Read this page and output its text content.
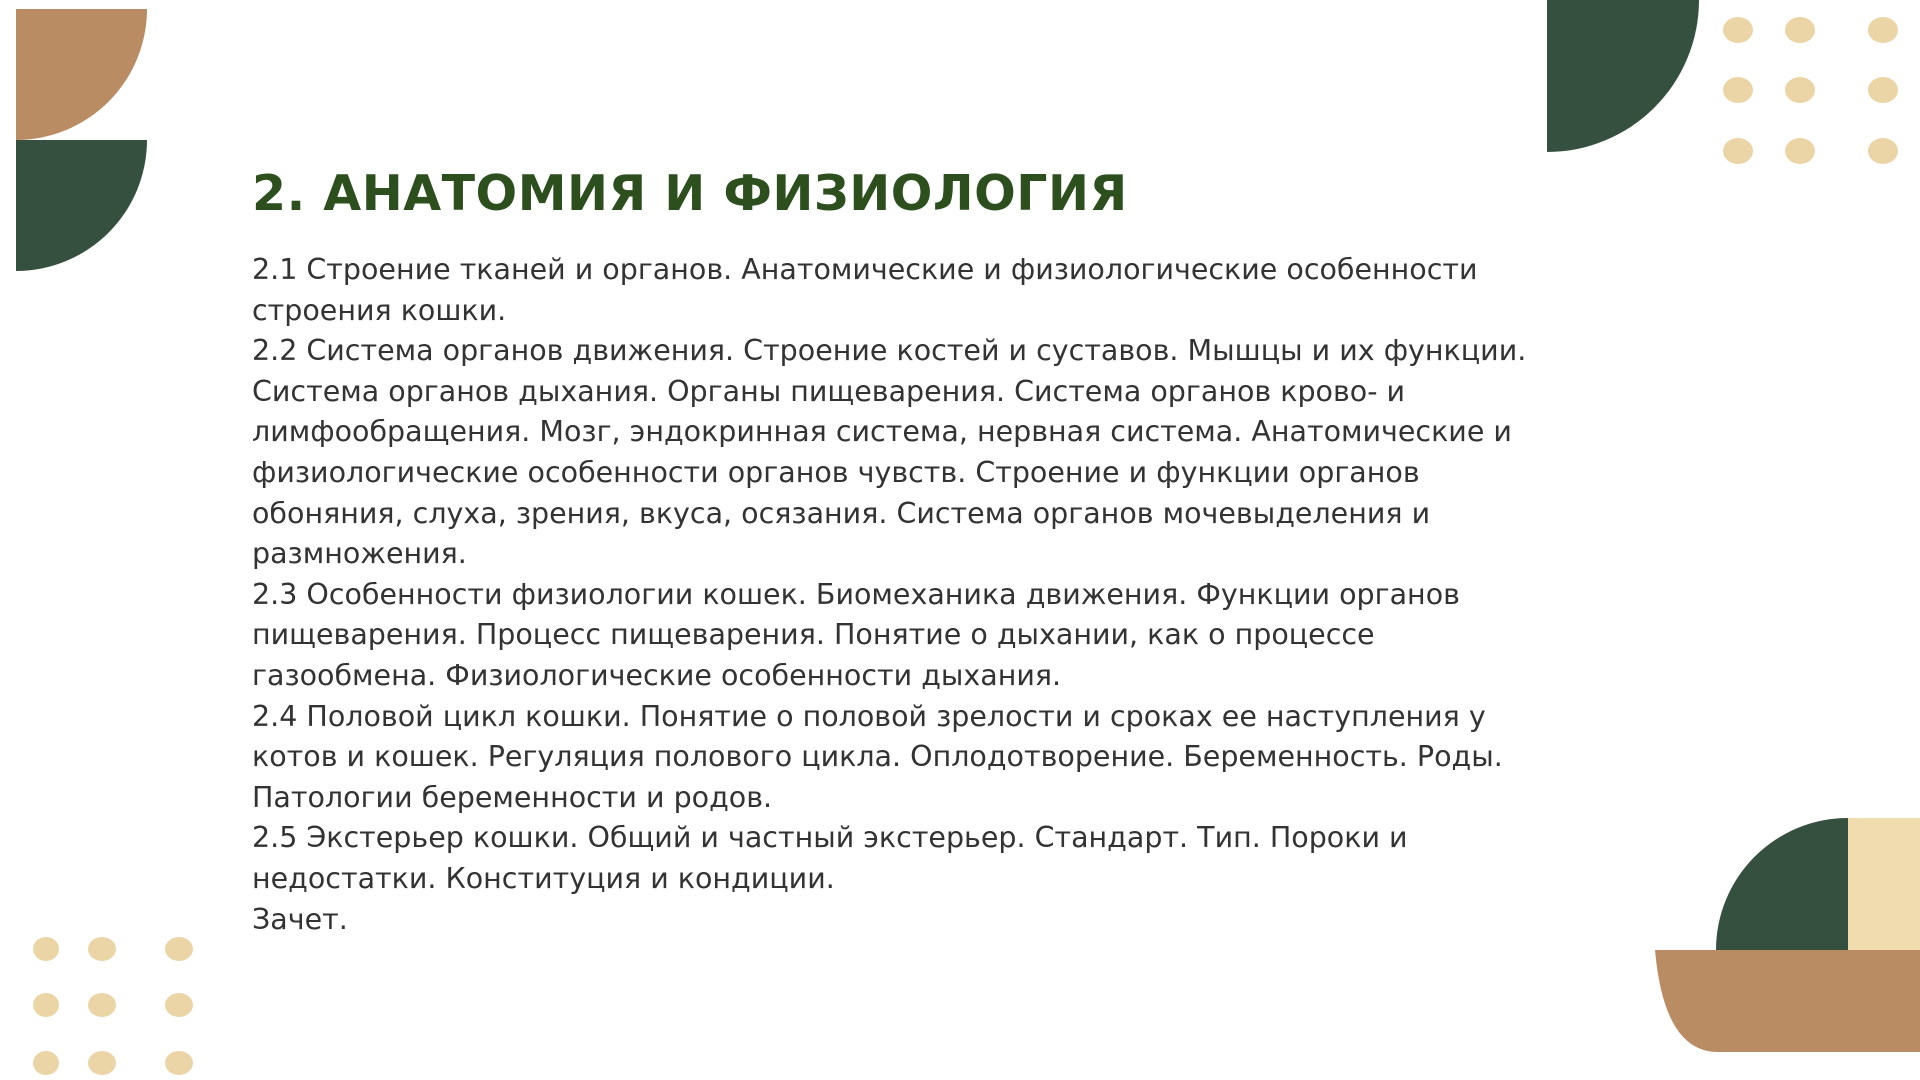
2. АНАТОМИЯ И ФИЗИОЛОГИЯ

2.1 Строение тканей и органов. Анатомические и физиологические особенности строения кошки.

2.2 Система органов движения. Строение костей и суставов. Мышцы и их функции. Система органов дыхания. Органы пищеварения. Система органов крово- и лимфообращения. Мозг, эндокринная система, нервная система. Анатомические и физиологические особенности органов чувств. Строение и функции органов обоняния, слуха, зрения, вкуса, осязания. Система органов мочевыделения и размножения.

2.3 Особенности физиологии кошек. Биомеханика движения. Функции органов пищеварения. Процесс пищеварения. Понятие о дыхании, как о процессе газообмена. Физиологические особенности дыхания.

2.4 Половой цикл кошки. Понятие о половой зрелости и сроках ее наступления у котов и кошек. Регуляция полового цикла. Оплодотворение. Беременность. Роды. Патологии беременности и родов.

2.5 Экстерьер кошки. Общий и частный экстерьер. Стандарт. Тип. Пороки и недостатки. Конституция и кондиции.

Зачет.
